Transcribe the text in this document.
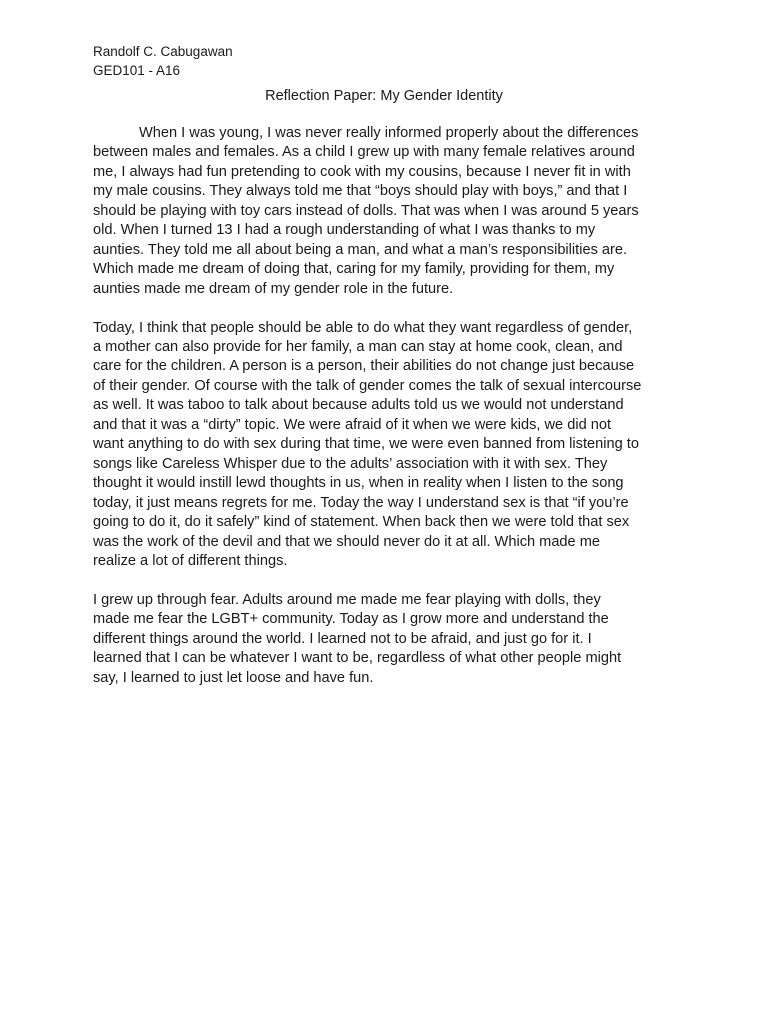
Randolf C. Cabugawan
GED101 - A16
Reflection Paper: My Gender Identity

When I was young, I was never really informed properly about the differences
between males and females. As a child I grew up with many female relatives around
me, I always had fun pretending to cook with my cousins, because I never fit in with
my male cousins. They always told me that “boys should play with boys,” and that I
should be playing with toy cars instead of dolls. That was when I was around 5 years
old. When I turned 13 I had a rough understanding of what I was thanks to my
aunties. They told me all about being a man, and what a man’s responsibilities are.
Which made me dream of doing that, caring for my family, providing for them, my
aunties made me dream of my gender role in the future.

Today, I think that people should be able to do what they want regardless of gender,
a mother can also provide for her family, a man can stay at home cook, clean, and
care for the children. A person is a person, their abilities do not change just because
of their gender. Of course with the talk of gender comes the talk of sexual intercourse
as well. It was taboo to talk about because adults told us we would not understand
and that it was a “dirty” topic. We were afraid of it when we were kids, we did not
want anything to do with sex during that time, we were even banned from listening to
songs like Careless Whisper due to the adults’ association with it with sex. They
thought it would instill lewd thoughts in us, when in reality when I listen to the song
today, it just means regrets for me. Today the way I understand sex is that “if you’re
going to do it, do it safely” kind of statement. When back then we were told that sex
was the work of the devil and that we should never do it at all. Which made me
realize a lot of different things.

I grew up through fear. Adults around me made me fear playing with dolls, they
made me fear the LGBT+ community. Today as I grow more and understand the
different things around the world. I learned not to be afraid, and just go for it. I
learned that I can be whatever I want to be, regardless of what other people might
say, I learned to just let loose and have fun.
